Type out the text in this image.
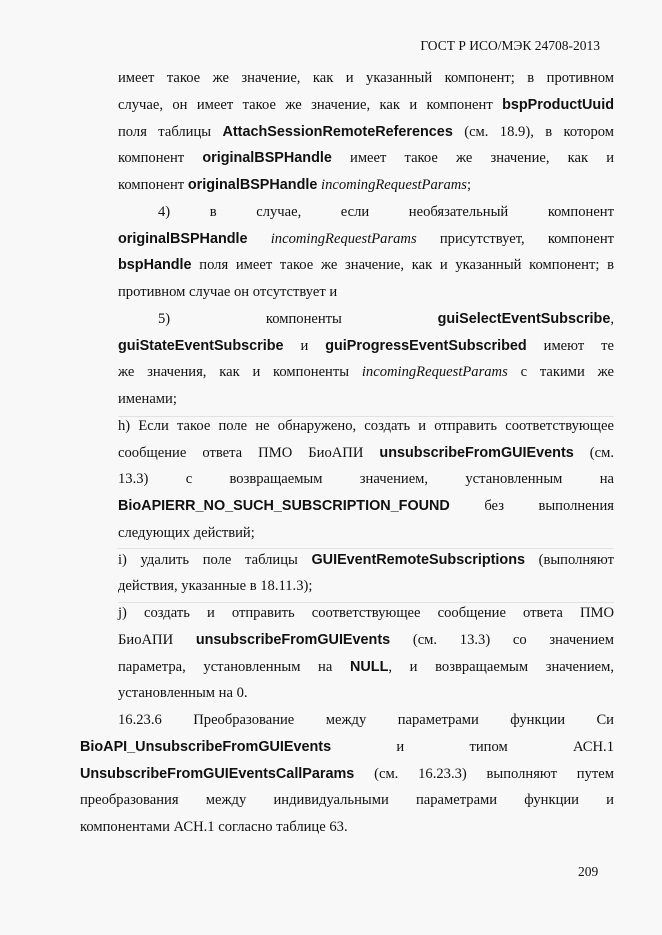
ГОСТ Р ИСО/МЭК 24708-2013
имеет такое же значение, как и указанный компонент; в противном
случае, он имеет такое же значение, как и компонент bspProductUuid
поля таблицы AttachSessionRemoteReferences (см. 18.9), в котором
компонент originalBSPHandle имеет такое же значение, как и
компонент originalBSPHandle incomingRequestParams;
4) в случае, если необязательный компонент
originalBSPHandle incomingRequestParams присутствует, компонент
bspHandle поля имеет такое же значение, как и указанный компонент; в
противном случае он отсутствует и
5) компоненты guiSelectEventSubscribe,
guiStateEventSubscribe и guiProgressEventSubscribed имеют те
же значения, как и компоненты incomingRequestParams с такими же
именами;
h) Если такое поле не обнаружено, создать и отправить соответствующее
сообщение ответа ПМО БиоАПИ unsubscribeFromGUIEvents (см.
13.3) с возвращаемым значением, установленным на
BioAPIERR_NO_SUCH_SUBSCRIPTION_FOUND без выполнения
следующих действий;
i) удалить поле таблицы GUIEventRemoteSubscriptions (выполняют
действия, указанные в 18.11.3);
j) создать и отправить соответствующее сообщение ответа ПМО
БиоАПИ unsubscribeFromGUIEvents (см. 13.3) со значением
параметра, установленным на NULL, и возвращаемым значением,
установленным на 0.
16.23.6 Преобразование между параметрами функции Си
BioAPI_UnsubscribeFromGUIEvents и типом АСН.1
UnsubscribeFromGUIEventsCallParams (см. 16.23.3) выполняют путем
преобразования между индивидуальными параметрами функции и
компонентами АСН.1 согласно таблице 63.
209
